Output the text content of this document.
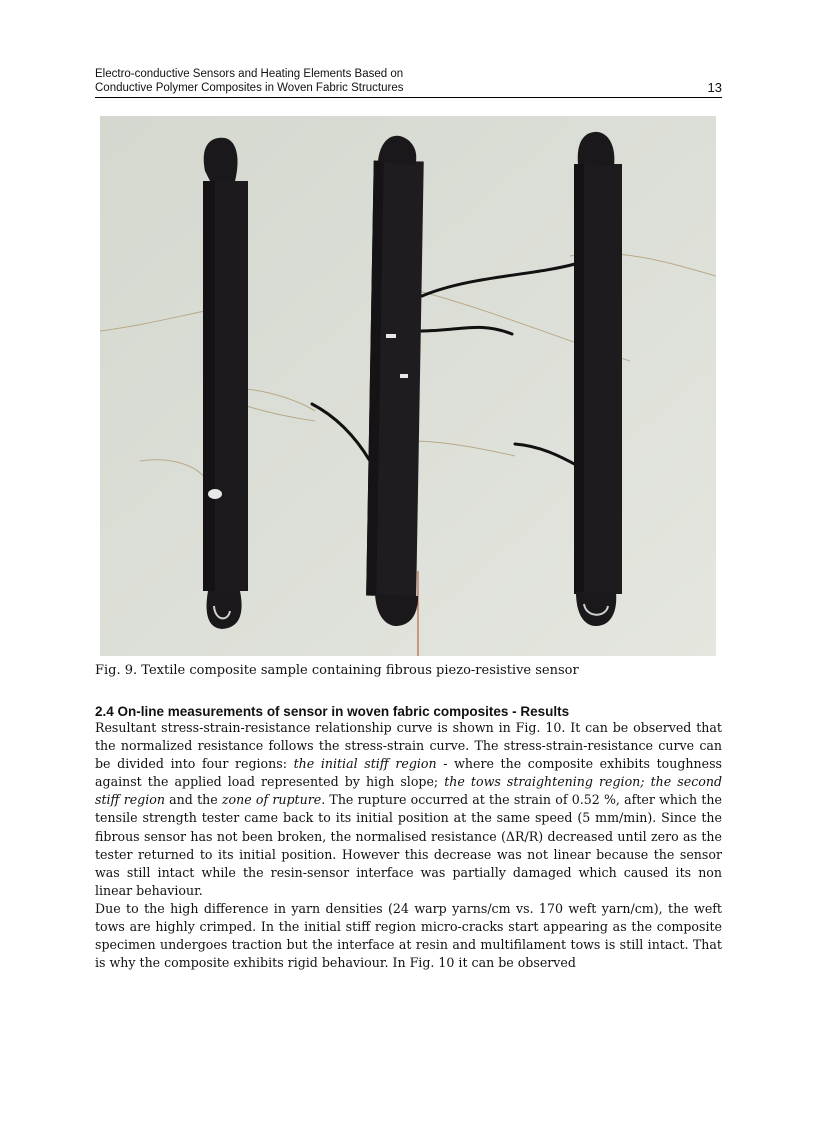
Electro-conductive Sensors and Heating Elements Based on
Conductive Polymer Composites in Woven Fabric Structures	13
Fig. 9. Textile composite sample containing fibrous piezo-resistive sensor
2.4 On-line measurements of sensor in woven fabric composites - Results

Resultant stress-strain-resistance relationship curve is shown in Fig. 10. It can be observed that the normalized resistance follows the stress-strain curve. The stress-strain-resistance curve can be divided into four regions: the initial stiff region - where the composite exhibits toughness against the applied load represented by high slope; the tows straightening region; the second stiff region and the zone of rupture. The rupture occurred at the strain of 0.52 %, after which the tensile strength tester came back to its initial position at the same speed (5 mm/min). Since the fibrous sensor has not been broken, the normalised resistance (ΔR/R) decreased until zero as the tester returned to its initial position. However this decrease was not linear because the sensor was still intact while the resin-sensor interface was partially damaged which caused its non linear behaviour.

Due to the high difference in yarn densities (24 warp yarns/cm vs. 170 weft yarn/cm), the weft tows are highly crimped. In the initial stiff region micro-cracks start appearing as the composite specimen undergoes traction but the interface at resin and multifilament tows is still intact. That is why the composite exhibits rigid behaviour. In Fig. 10 it can be observed
